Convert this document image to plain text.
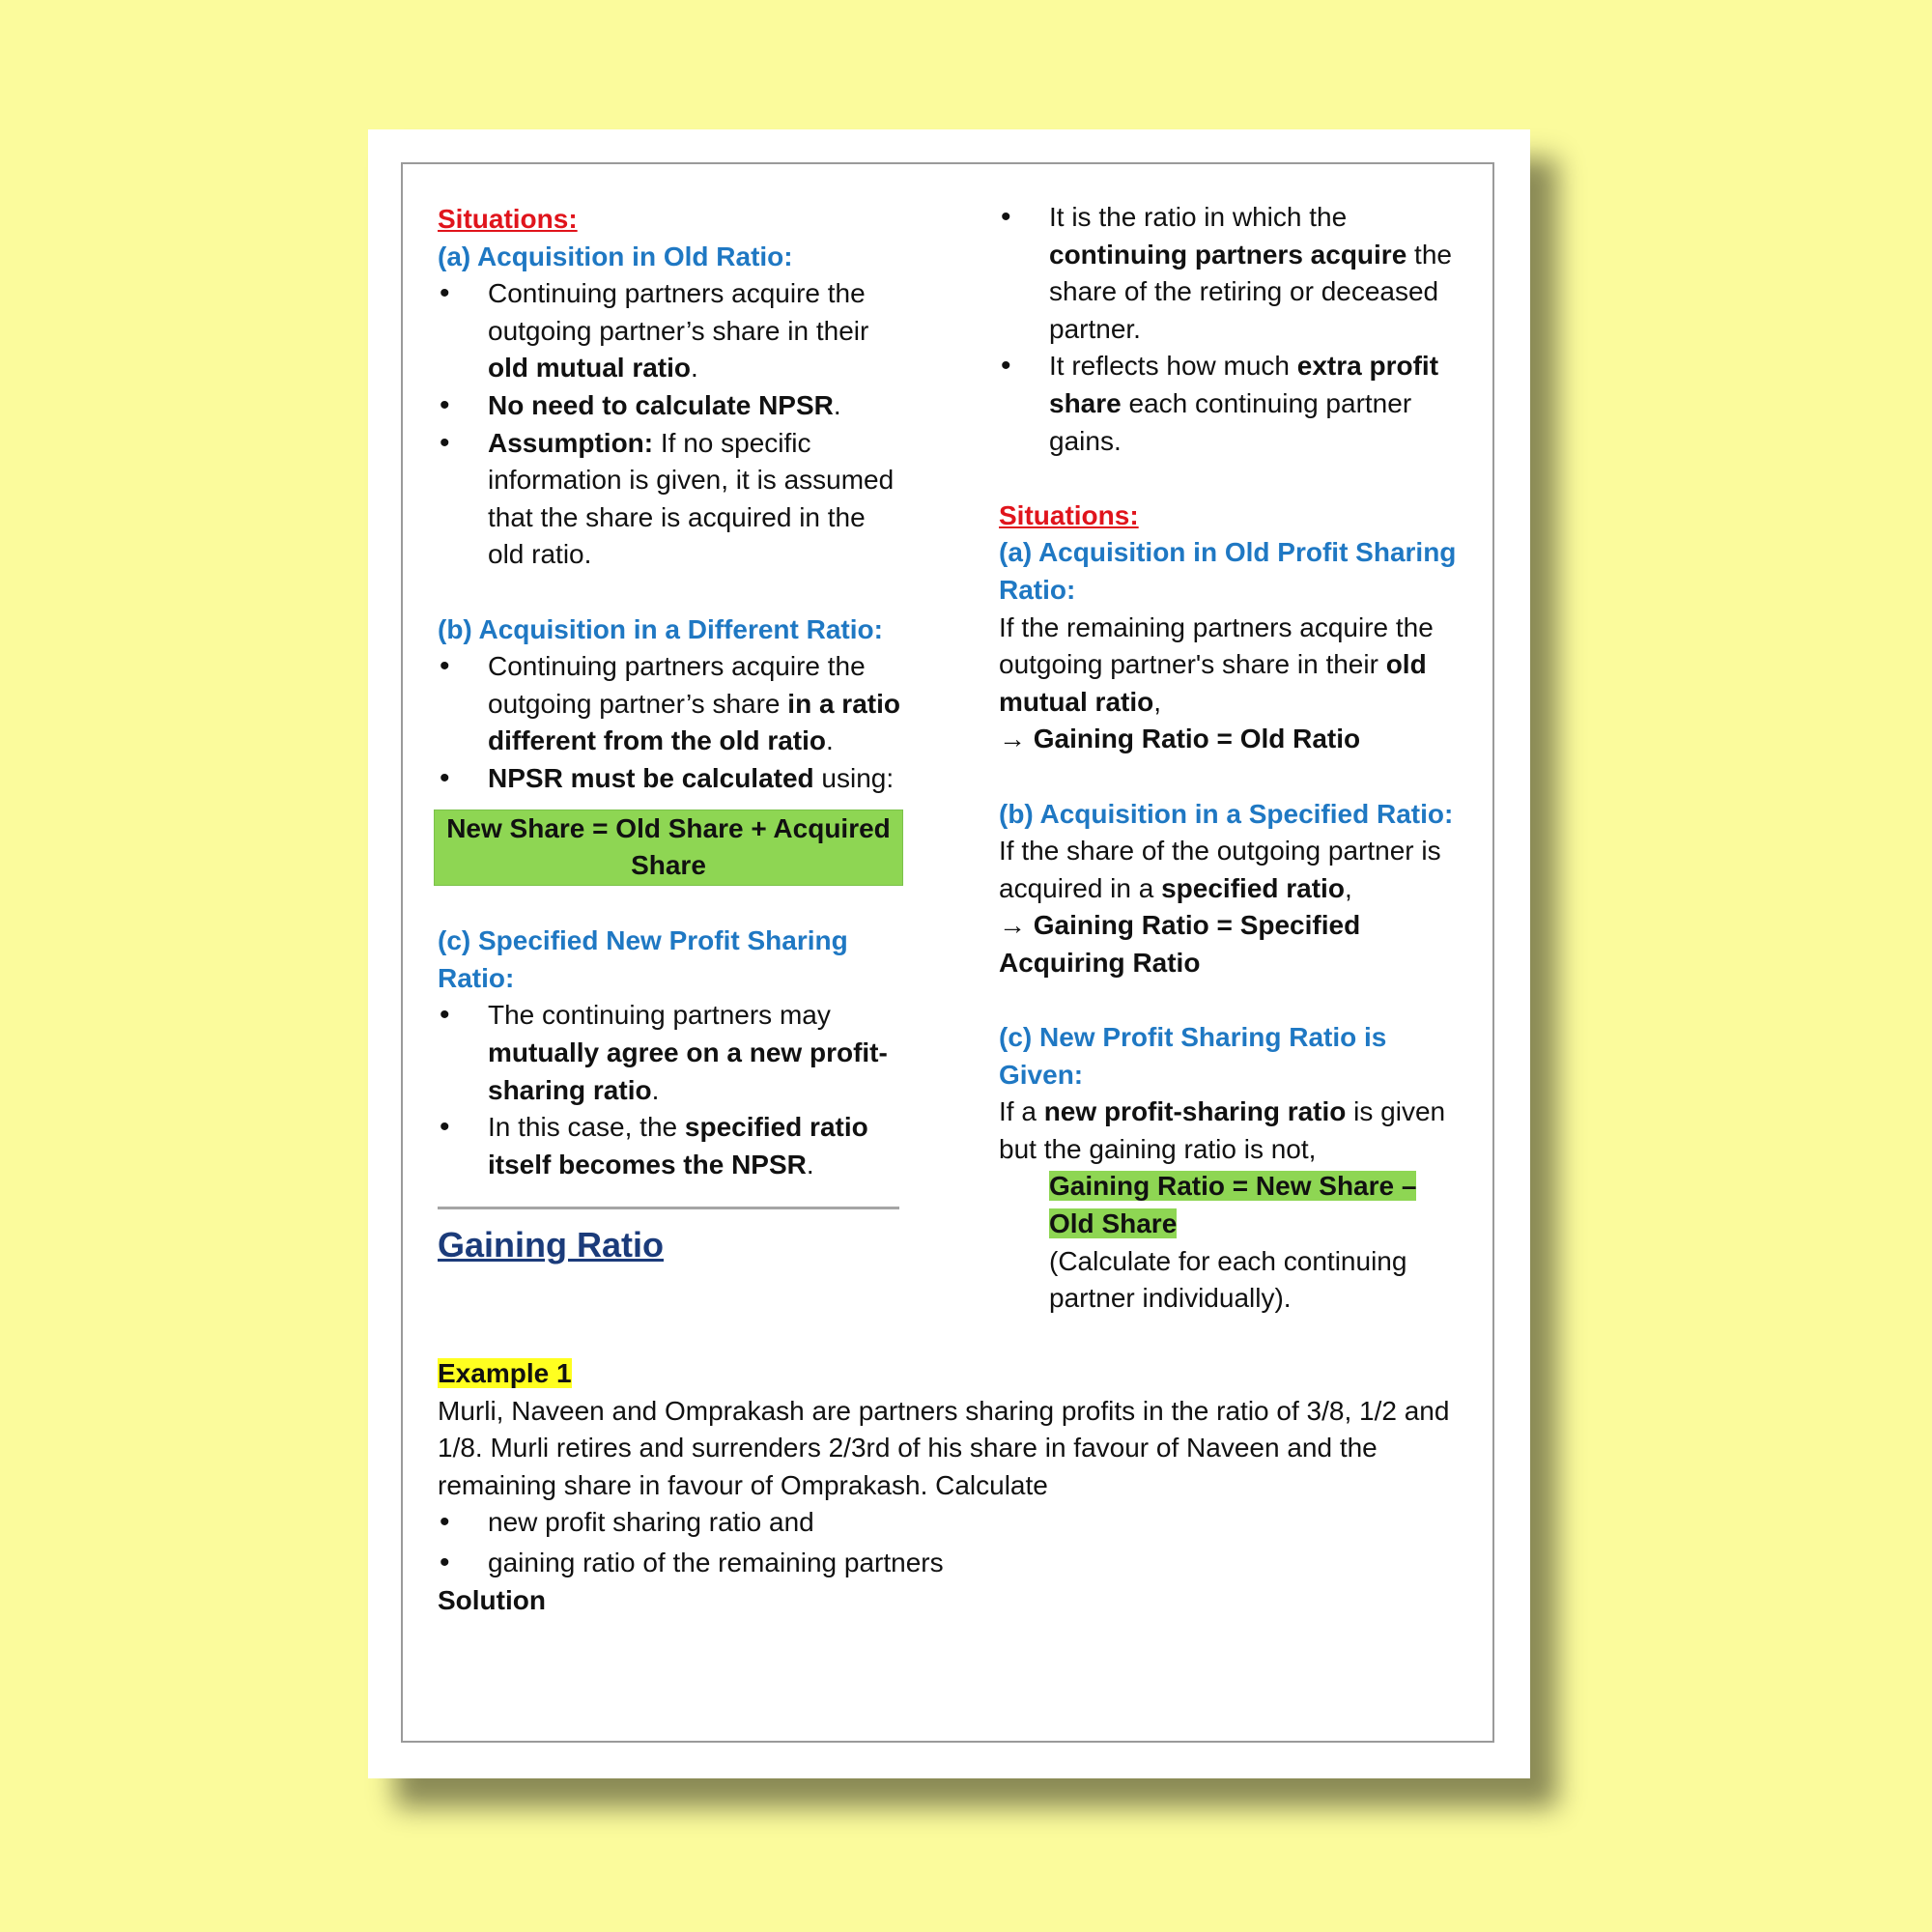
Situations:
(a) Acquisition in Old Ratio:
• Continuing partners acquire the outgoing partner’s share in their old mutual ratio.
• No need to calculate NPSR.
• Assumption: If no specific information is given, it is assumed that the share is acquired in the old ratio.
(b) Acquisition in a Different Ratio:
• Continuing partners acquire the outgoing partner’s share in a ratio different from the old ratio.
• NPSR must be calculated using:
New Share = Old Share + Acquired Share
(c) Specified New Profit Sharing Ratio:
• The continuing partners may mutually agree on a new profit-sharing ratio.
• In this case, the specified ratio itself becomes the NPSR.
Gaining Ratio
• It is the ratio in which the continuing partners acquire the share of the retiring or deceased partner.
• It reflects how much extra profit share each continuing partner gains.
Situations:
(a) Acquisition in Old Profit Sharing Ratio:
If the remaining partners acquire the outgoing partner's share in their old mutual ratio,
→ Gaining Ratio = Old Ratio
(b) Acquisition in a Specified Ratio:
If the share of the outgoing partner is acquired in a specified ratio,
→ Gaining Ratio = Specified Acquiring Ratio
(c) New Profit Sharing Ratio is Given:
If a new profit-sharing ratio is given but the gaining ratio is not,
Gaining Ratio = New Share – Old Share
(Calculate for each continuing partner individually).
Example 1
Murli, Naveen and Omprakash are partners sharing profits in the ratio of 3/8, 1/2 and 1/8. Murli retires and surrenders 2/3rd of his share in favour of Naveen and the remaining share in favour of Omprakash. Calculate
• new profit sharing ratio and
• gaining ratio of the remaining partners
Solution
